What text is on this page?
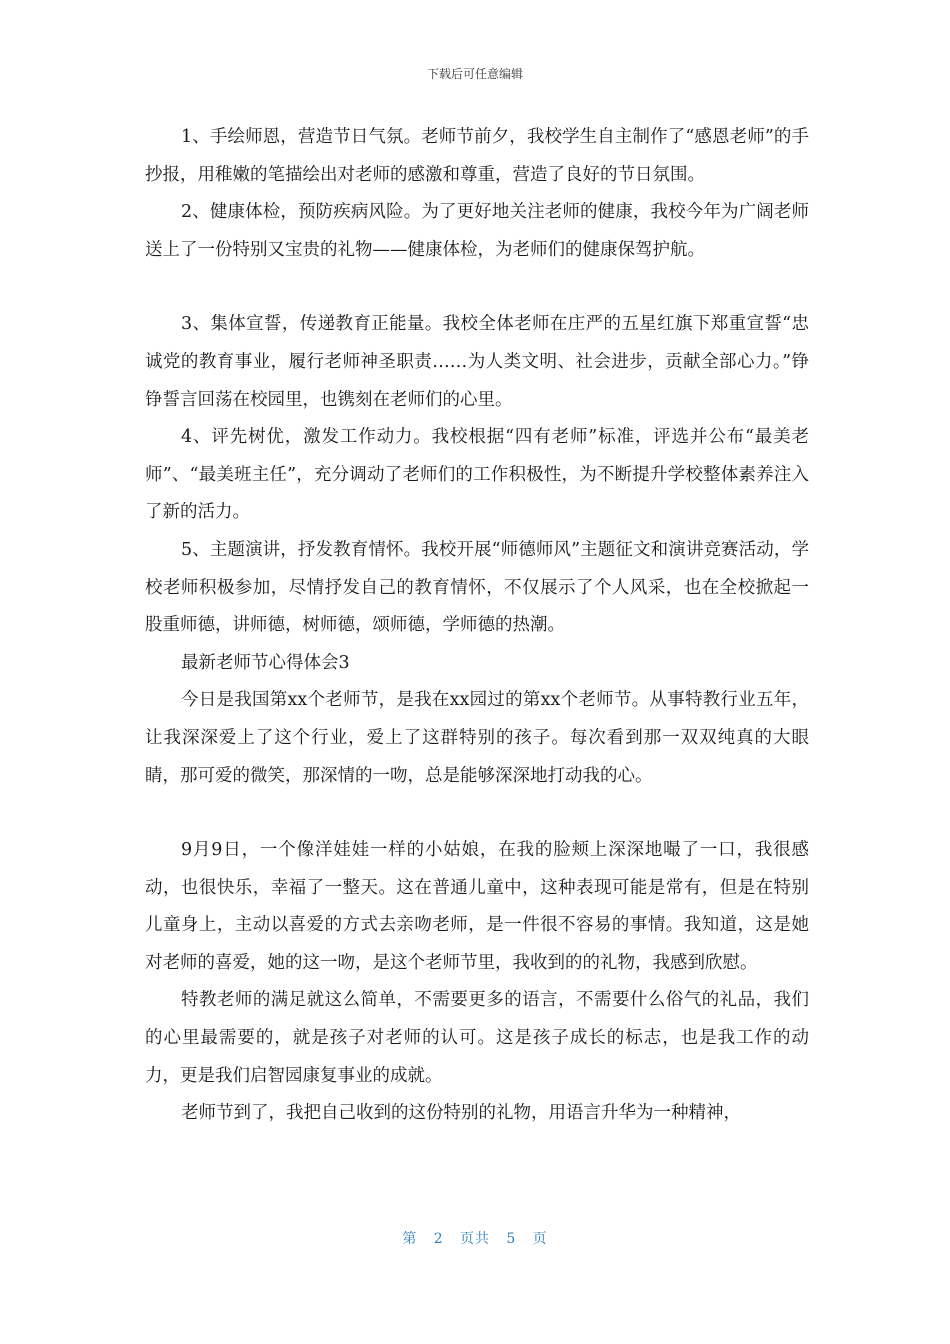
下载后可任意编辑

1、手绘师恩，营造节日气氛。老师节前夕，我校学生自主制作了“感恩老师”的手抄报，用稚嫩的笔描绘出对老师的感激和尊重，营造了良好的节日氛围。

2、健康体检，预防疾病风险。为了更好地关注老师的健康，我校今年为广阔老师送上了一份特别又宝贵的礼物——健康体检，为老师们的健康保驾护航。

3、集体宣誓，传递教育正能量。我校全体老师在庄严的五星红旗下郑重宣誓“忠诚党的教育事业，履行老师神圣职责……为人类文明、社会进步，贡献全部心力。”铮铮誓言回荡在校园里，也镌刻在老师们的心里。

4、评先树优，激发工作动力。我校根据“四有老师”标准，评选并公布“最美老师”、“最美班主任”，充分调动了老师们的工作积极性，为不断提升学校整体素养注入了新的活力。

5、主题演讲，抒发教育情怀。我校开展“师德师风”主题征文和演讲竞赛活动，学校老师积极参加，尽情抒发自己的教育情怀，不仅展示了个人风采，也在全校掀起一股重师德，讲师德，树师德，颂师德，学师德的热潮。

最新老师节心得体会3

今日是我国第xx个老师节，是我在xx园过的第xx个老师节。从事特教行业五年，让我深深爱上了这个行业，爱上了这群特别的孩子。每次看到那一双双纯真的大眼睛，那可爱的微笑，那深情的一吻，总是能够深深地打动我的心。

9月9日，一个像洋娃娃一样的小姑娘，在我的脸颊上深深地嘬了一口，我很感动，也很快乐，幸福了一整天。这在普通儿童中，这种表现可能是常有，但是在特别儿童身上，主动以喜爱的方式去亲吻老师，是一件很不容易的事情。我知道，这是她对老师的喜爱，她的这一吻，是这个老师节里，我收到的的礼物，我感到欣慰。

特教老师的满足就这么简单，不需要更多的语言，不需要什么俗气的礼品，我们的心里最需要的，就是孩子对老师的认可。这是孩子成长的标志，也是我工作的动力，更是我们启智园康复事业的成就。

老师节到了，我把自己收到的这份特别的礼物，用语言升华为一种精神，

第 2 页共 5 页
